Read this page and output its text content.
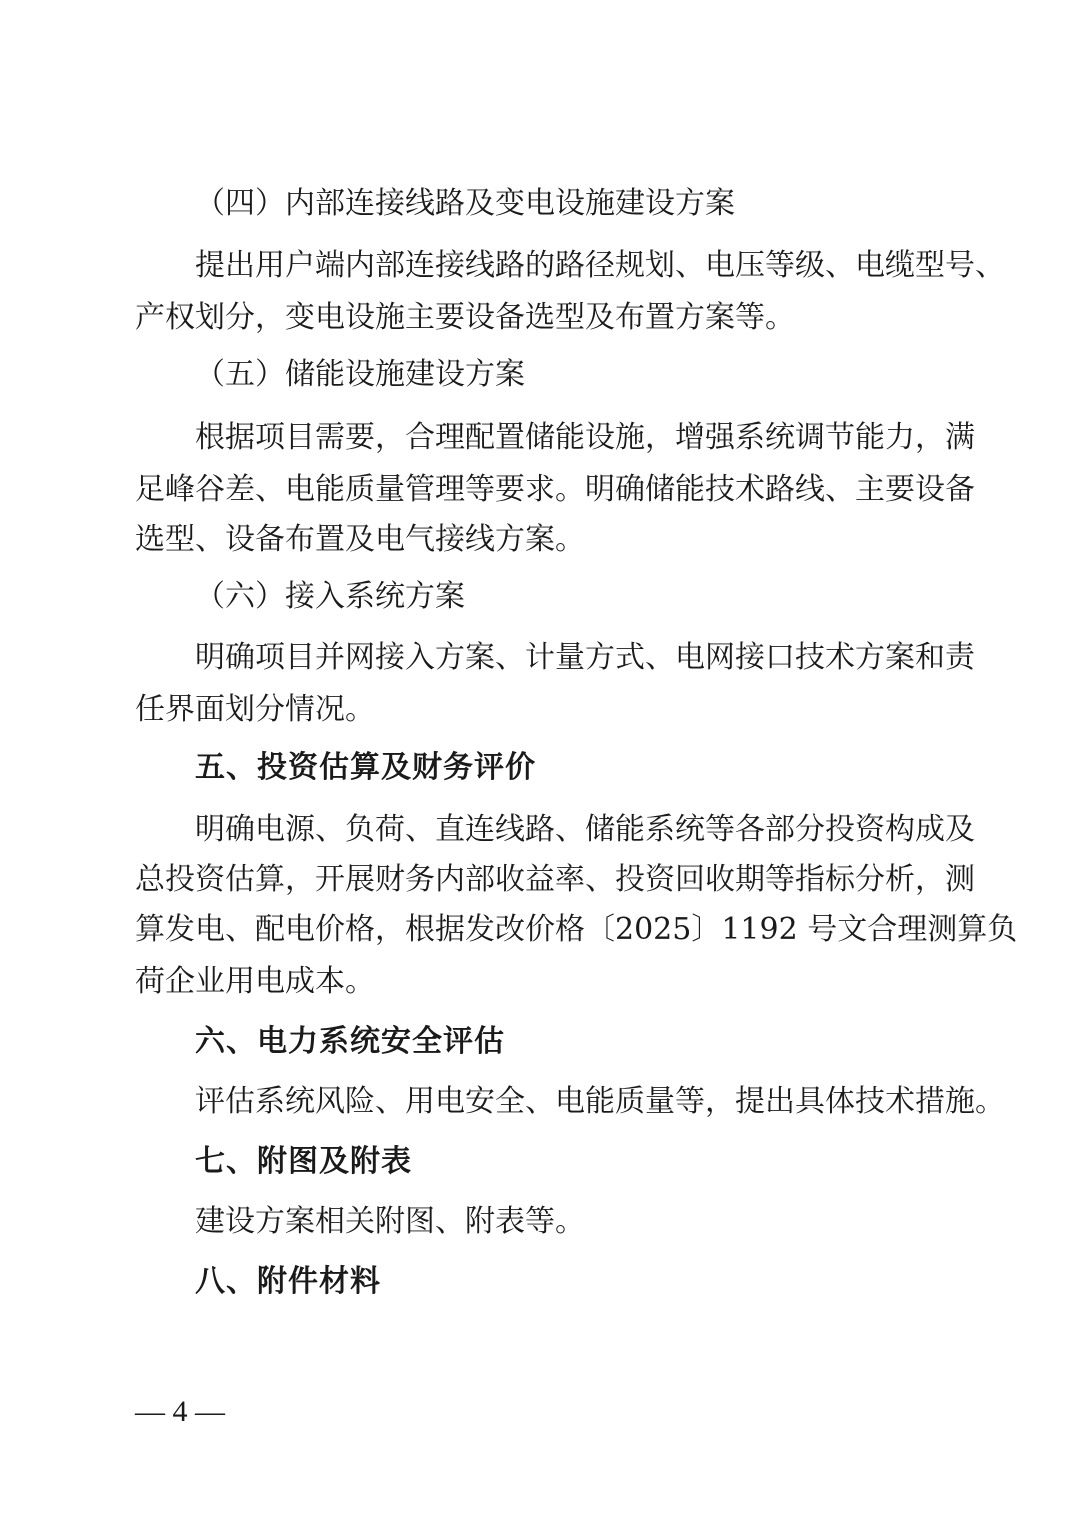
（四）内部连接线路及变电设施建设方案
提出用户端内部连接线路的路径规划、电压等级、电缆型号、
产权划分，变电设施主要设备选型及布置方案等。
（五）储能设施建设方案
根据项目需要，合理配置储能设施，增强系统调节能力，满
足峰谷差、电能质量管理等要求。明确储能技术路线、主要设备
选型、设备布置及电气接线方案。
（六）接入系统方案
明确项目并网接入方案、计量方式、电网接口技术方案和责
任界面划分情况。
五、投资估算及财务评价
明确电源、负荷、直连线路、储能系统等各部分投资构成及
总投资估算，开展财务内部收益率、投资回收期等指标分析，测
算发电、配电价格，根据发改价格〔2025〕1192 号文合理测算负
荷企业用电成本。
六、电力系统安全评估
评估系统风险、用电安全、电能质量等，提出具体技术措施。
七、附图及附表
建设方案相关附图、附表等。
八、附件材料
— 4 —
